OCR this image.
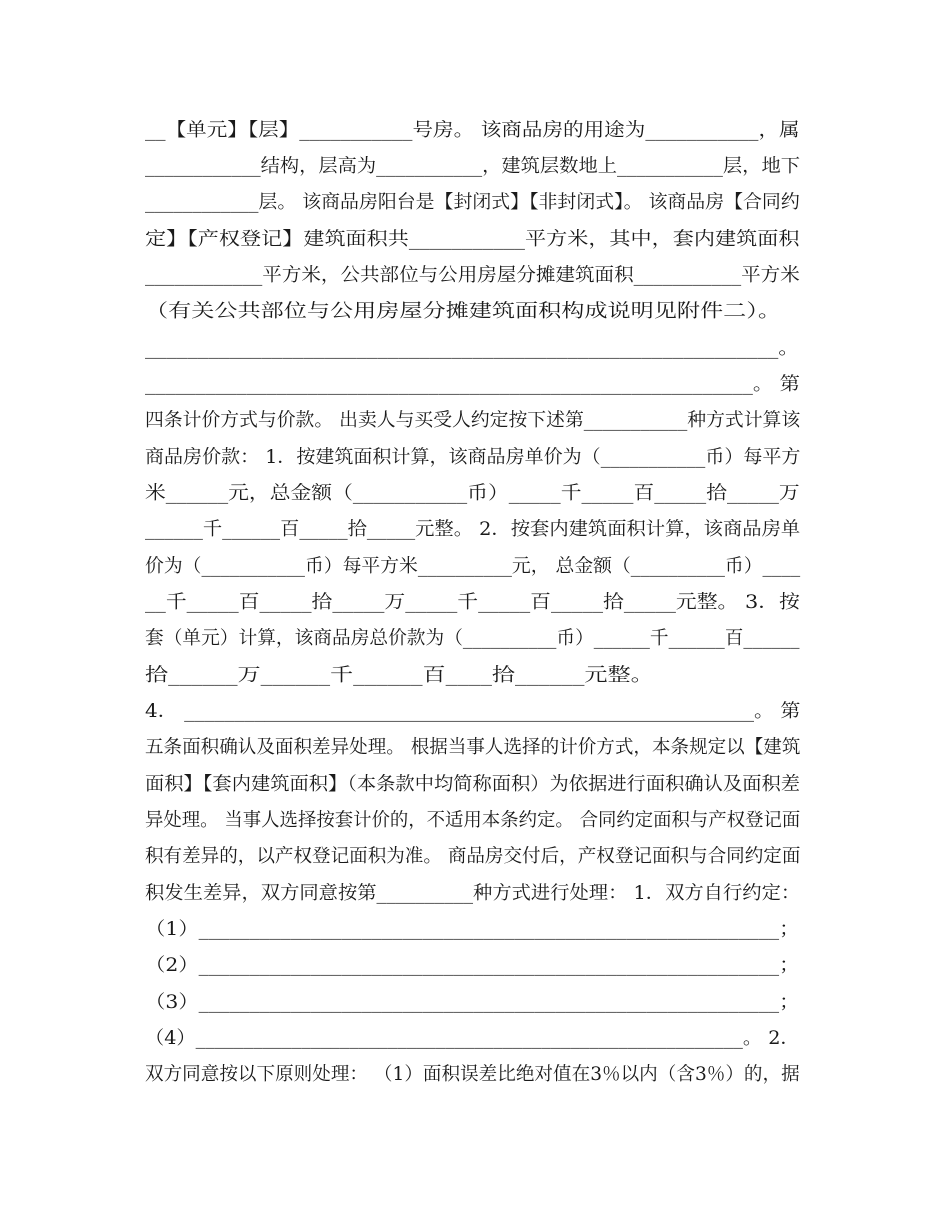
__【单元】【层】___________号房。 该商品房的用途为___________，属
____________结构，层高为___________，建筑层数地上___________层，地下
____________层。 该商品房阳台是【封闭式】【非封闭式】。 该商品房【合同约
定】【产权登记】建筑面积共___________平方米，其中，套内建筑面积
____________平方米，公共部位与公用房屋分摊建筑面积___________平方米
（有关公共部位与公用房屋分摊建筑面积构成说明见附件二）。
____________________________________________________________。
____________________________________________________________。 第
四条计价方式与价款。 出卖人与买受人约定按下述第___________种方式计算该
商品房价款： 1．按建筑面积计算，该商品房单价为（___________币）每平方
米______元，总金额（___________币）_____千_____百_____拾_____万
______千______百_____拾_____元整。 2．按套内建筑面积计算，该商品房单
价为（___________币）每平方米__________元， 总金额（__________币）____
__千_____百_____拾_____万_____千_____百_____拾_____元整。 3．按
套（单元）计算，该商品房总价款为（__________币）______千______百______
拾______万______千______百____拾______元整。
4． _________________________________________________________。 第
五条面积确认及面积差异处理。 根据当事人选择的计价方式，本条规定以【建筑
面积】【套内建筑面积】（本条款中均简称面积）为依据进行面积确认及面积差
异处理。 当事人选择按套计价的，不适用本条约定。 合同约定面积与产权登记面
积有差异的，以产权登记面积为准。 商品房交付后，产权登记面积与合同约定面
积发生差异，双方同意按第__________种方式进行处理： 1．双方自行约定：
（1）_________________________________________________________；
（2）_________________________________________________________；
（3）_________________________________________________________；
（4）_________________________________________________________。 2．
双方同意按以下原则处理： （1）面积误差比绝对值在3％以内（含3％）的，据
